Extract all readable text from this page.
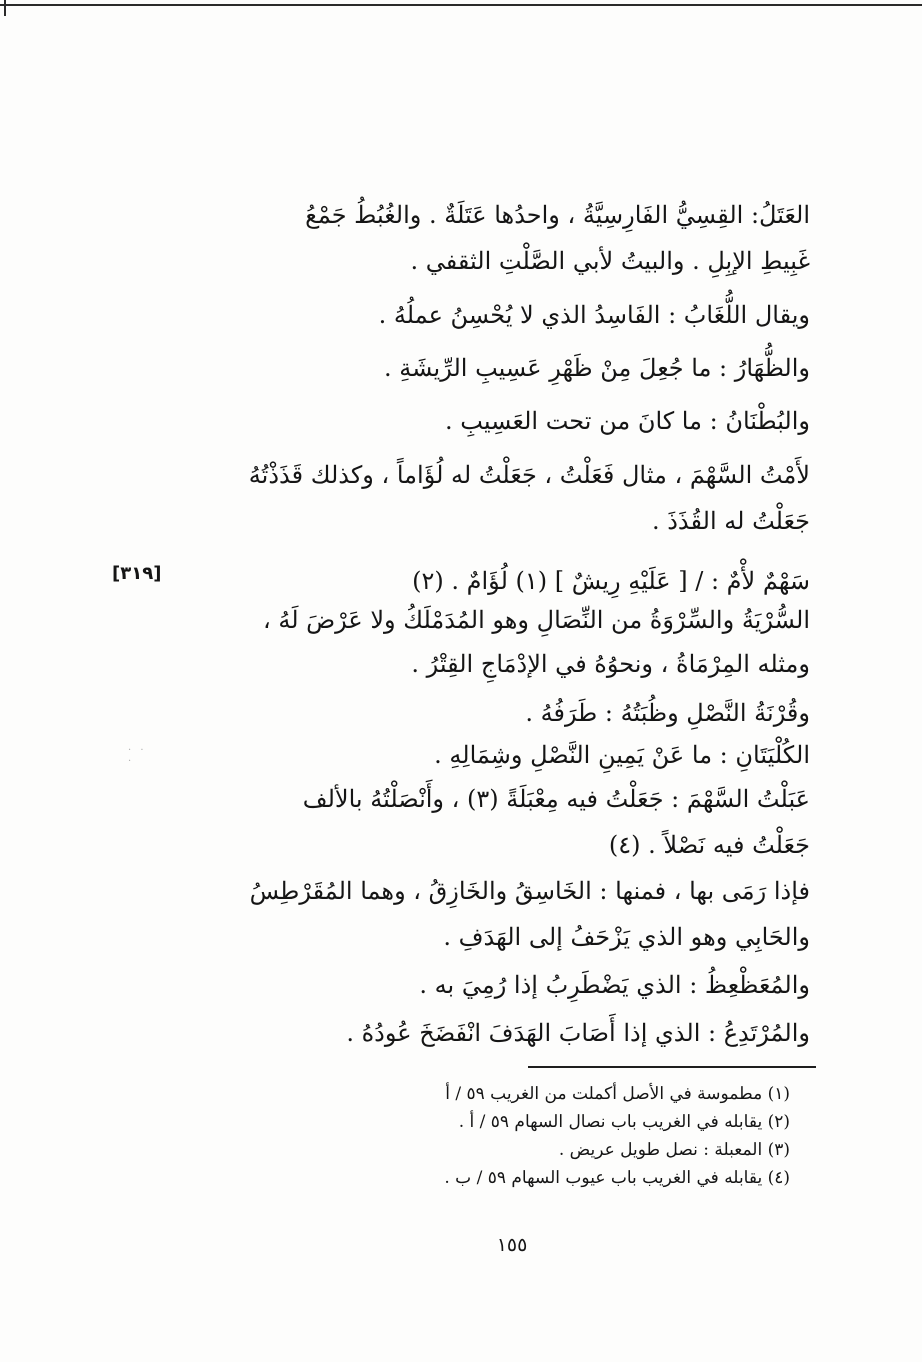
العَتَلُ: القِسِيُّ الفَارِسِيَّةُ ، واحدُها عَتَلَةٌ . والغُبُطُ جَمْعُ
غَبِيطِ الإبِلِ . والبيتُ لأبي الصَّلْتِ الثقفي .
ويقال اللُّغَابُ : الفَاسِدُ الذي لا يُحْسِنُ عملُهُ .
والظُّهَارُ : ما جُعِلَ مِنْ ظَهْرِ عَسِيبِ الرِّيشَةِ .
والبُطْنَانُ : ما كانَ من تحت العَسِيبِ .
لأَمْتُ السَّهْمَ ، مثال فَعَلْتُ ، جَعَلْتُ له لُؤَاماً ، وكذلك قَذَذْتُهُ
جَعَلْتُ له القُذَذَ .
[٣١٩]	سَهْمٌ لأْمٌ : / [ عَلَيْهِ رِيشٌ ] (١) لُؤَامٌ . (٢)
السُّرْيَةُ والسِّرْوَةُ من النِّصَالِ وهو المُدَمْلَكُ ولا عَرْضَ لَهُ ،
ومثله المِرْمَاةُ ، ونحوُهُ في الإدْمَاجِ القِتْرُ .
وقُرْنَةُ النَّصْلِ وظُبَتُهُ : طَرَفُهُ .
الكُلْيَتَانِ : ما عَنْ يَمِينِ النَّصْلِ وشِمَالِهِ .
· · ·
عَبَلْتُ السَّهْمَ : جَعَلْتُ فيه مِعْبَلَةً (٣) ، وأَنْصَلْتُهُ بالألف
جَعَلْتُ فيه نَصْلاً . (٤)
فإذا رَمَى بها ، فمنها : الخَاسِقُ والخَازِقُ ، وهما المُقَرْطِسُ
والحَابِي وهو الذي يَزْحَفُ إلى الهَدَفِ .
والمُعَظْعِظُ : الذي يَضْطَرِبُ إذا رُمِيَ به .
والمُرْتَدِعُ : الذي إذا أَصَابَ الهَدَفَ انْفَضَخَ عُودُهُ .
(١) مطموسة في الأصل أكملت من الغريب ٥٩ / أ
(٢) يقابله في الغريب باب نصال السهام ٥٩ / أ .
(٣) المعبلة : نصل طويل عريض .
(٤) يقابله في الغريب باب عيوب السهام ٥٩ / ب .
١٥٥
